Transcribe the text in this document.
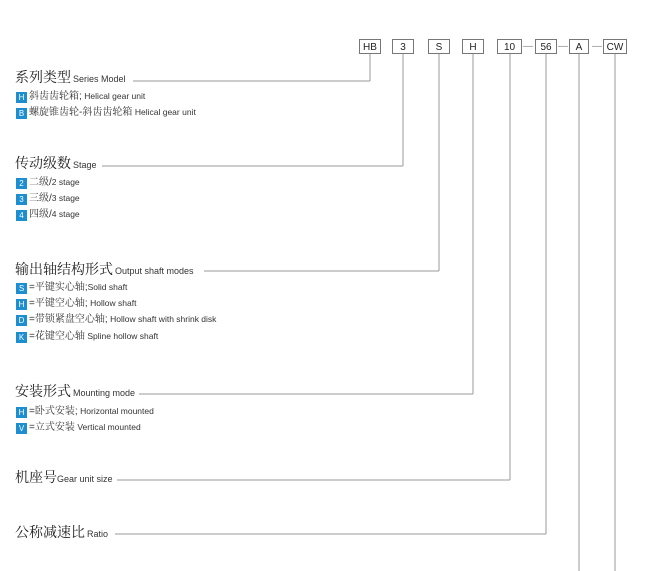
HB	3	S	H	10 — 56 — A — CW
系列类型 Series Model
H 斜齿齿轮箱; Helical gear unit
B 螺旋锥齿轮-斜齿齿轮箱 Helical gear unit
传动级数 Stage
2 二级/2 stage
3 三级/3 stage
4 四级/4 stage
输出轴结构形式 Output shaft modes
S =平键实心轴;Solid shaft
H =平键空心轴; Hollow shaft
D =带锁紧盘空心轴; Hollow shaft with shrink disk
K =花键空心轴 Spline hollow shaft
安装形式 Mounting mode
H =卧式安装; Horizontal mounted
V =立式安装 Vertical mounted
机座号Gear unit size
公称减速比 Ratio
